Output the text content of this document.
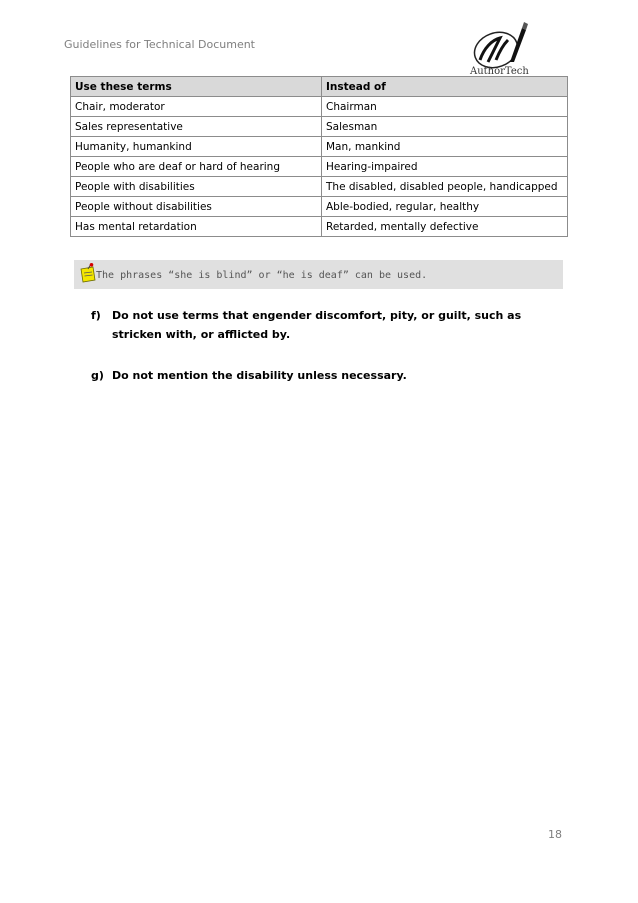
Guidelines for Technical Document
AuthorTech
Use these terms	Instead of
Chair, moderator	Chairman
Sales representative	Salesman
Humanity, humankind	Man, mankind
People who are deaf or hard of hearing	Hearing-impaired
People with disabilities	The disabled, disabled people, handicapped
People without disabilities	Able-bodied, regular, healthy
Has mental retardation	Retarded, mentally defective
The phrases “she is blind” or “he is deaf” can be used.
f) Do not use terms that engender discomfort, pity, or guilt, such as stricken with, or afflicted by.
g) Do not mention the disability unless necessary.
18
